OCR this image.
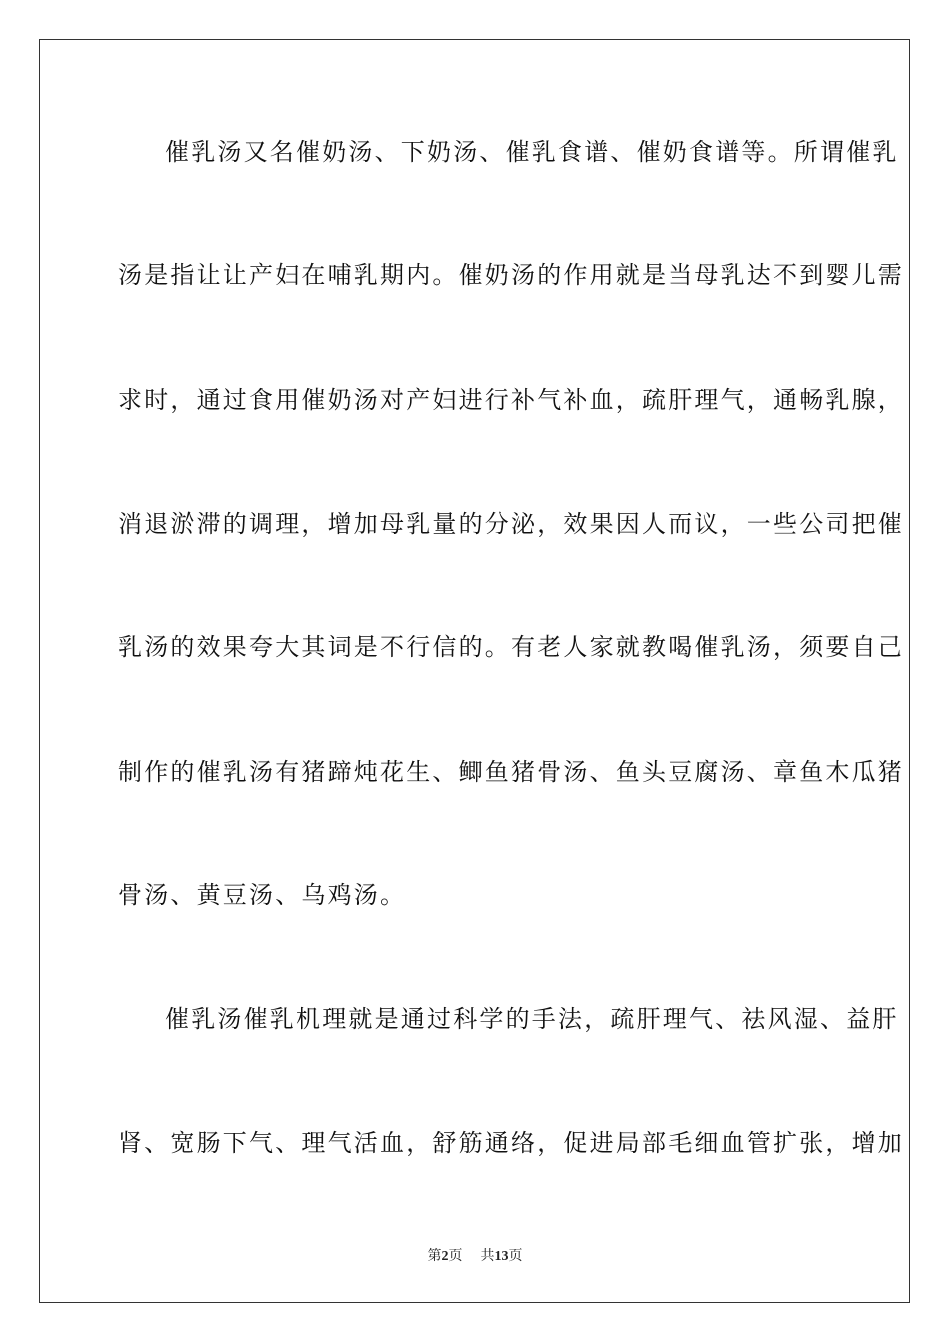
催乳汤又名催奶汤、下奶汤、催乳食谱、催奶食谱等。所谓催乳
汤是指让让产妇在哺乳期内。催奶汤的作用就是当母乳达不到婴儿需
求时，通过食用催奶汤对产妇进行补气补血，疏肝理气，通畅乳腺，
消退淤滞的调理，增加母乳量的分泌，效果因人而议，一些公司把催
乳汤的效果夸大其词是不行信的。有老人家就教喝催乳汤，须要自己
制作的催乳汤有猪蹄炖花生、鲫鱼猪骨汤、鱼头豆腐汤、章鱼木瓜猪
骨汤、黄豆汤、乌鸡汤。
催乳汤催乳机理就是通过科学的手法，疏肝理气、祛风湿、益肝
肾、宽肠下气、理气活血，舒筋通络，促进局部毛细血管扩张，增加
第2页 共13页
